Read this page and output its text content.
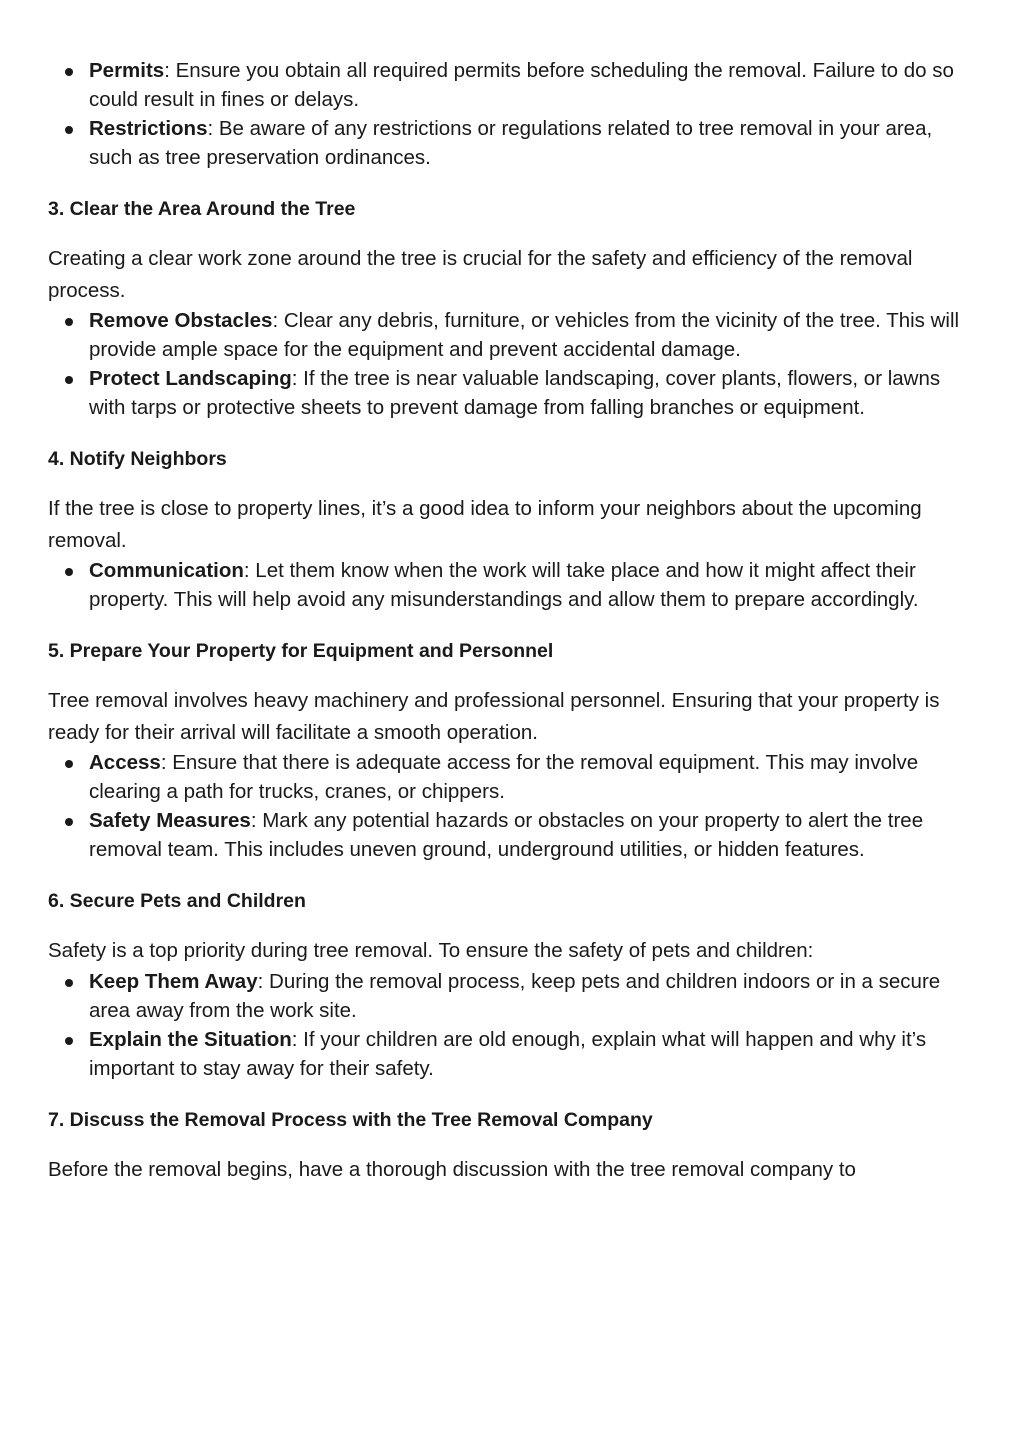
Permits: Ensure you obtain all required permits before scheduling the removal. Failure to do so could result in fines or delays.
Restrictions: Be aware of any restrictions or regulations related to tree removal in your area, such as tree preservation ordinances.
3. Clear the Area Around the Tree

Creating a clear work zone around the tree is crucial for the safety and efficiency of the removal process.

Remove Obstacles: Clear any debris, furniture, or vehicles from the vicinity of the tree. This will provide ample space for the equipment and prevent accidental damage.
Protect Landscaping: If the tree is near valuable landscaping, cover plants, flowers, or lawns with tarps or protective sheets to prevent damage from falling branches or equipment.
4. Notify Neighbors

If the tree is close to property lines, it’s a good idea to inform your neighbors about the upcoming removal.

Communication: Let them know when the work will take place and how it might affect their property. This will help avoid any misunderstandings and allow them to prepare accordingly.
5. Prepare Your Property for Equipment and Personnel

Tree removal involves heavy machinery and professional personnel. Ensuring that your property is ready for their arrival will facilitate a smooth operation.

Access: Ensure that there is adequate access for the removal equipment. This may involve clearing a path for trucks, cranes, or chippers.
Safety Measures: Mark any potential hazards or obstacles on your property to alert the tree removal team. This includes uneven ground, underground utilities, or hidden features.
6. Secure Pets and Children

Safety is a top priority during tree removal. To ensure the safety of pets and children:

Keep Them Away: During the removal process, keep pets and children indoors or in a secure area away from the work site.
Explain the Situation: If your children are old enough, explain what will happen and why it’s important to stay away for their safety.
7. Discuss the Removal Process with the Tree Removal Company

Before the removal begins, have a thorough discussion with the tree removal company to
